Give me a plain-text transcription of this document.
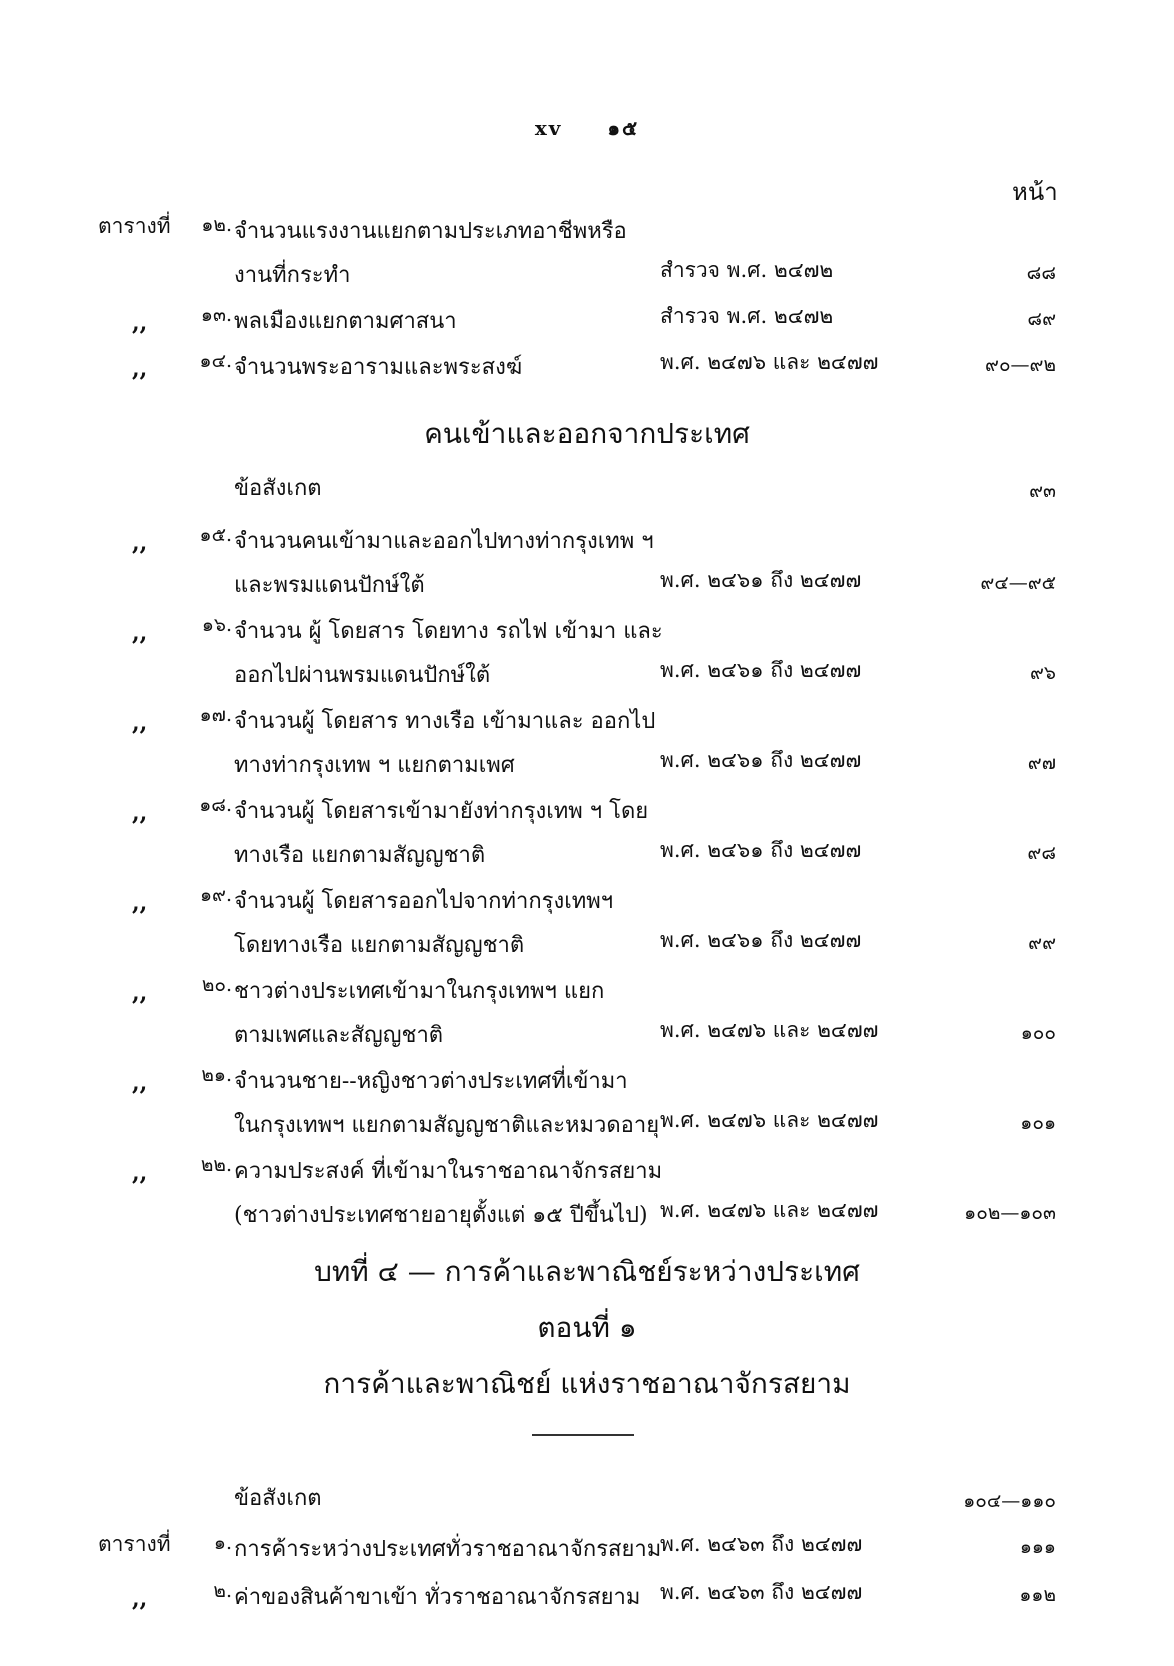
xv ๑๕
หน้า
ตารางที่	๑๒. จำนวนแรงงานแยกตามประเภทอาชีพหรือ
งานที่กระทำ	สำรวจ พ.ศ. ๒๔๗๒	๘๘
,,	๑๓. พลเมืองแยกตามศาสนา	สำรวจ พ.ศ. ๒๔๗๒	๘๙
,,	๑๔. จำนวนพระอารามและพระสงฆ์	พ.ศ. ๒๔๗๖ และ ๒๔๗๗	๙๐—๙๒
คนเข้าและออกจากประเทศ
ข้อสังเกต	๙๓
,,	๑๕. จำนวนคนเข้ามาและออกไปทางท่ากรุงเทพ ฯ
และพรมแดนปักษ์ใต้	พ.ศ. ๒๔๖๑ ถึง ๒๔๗๗	๙๔—๙๕
,,	๑๖. จำนวน ผู้ โดยสาร โดยทาง รถไฟ เข้ามา และ
ออกไปผ่านพรมแดนปักษ์ใต้	พ.ศ. ๒๔๖๑ ถึง ๒๔๗๗	๙๖
,,	๑๗. จำนวนผู้ โดยสาร ทางเรือ เข้ามาและ ออกไป
ทางท่ากรุงเทพ ฯ แยกตามเพศ	พ.ศ. ๒๔๖๑ ถึง ๒๔๗๗	๙๗
,,	๑๘. จำนวนผู้ โดยสารเข้ามายังท่ากรุงเทพ ฯ โดย
ทางเรือ แยกตามสัญญชาติ	พ.ศ. ๒๔๖๑ ถึง ๒๔๗๗	๙๘
,,	๑๙. จำนวนผู้ โดยสารออกไปจากท่ากรุงเทพฯ
โดยทางเรือ แยกตามสัญญชาติ	พ.ศ. ๒๔๖๑ ถึง ๒๔๗๗	๙๙
,,	๒๐. ชาวต่างประเทศเข้ามาในกรุงเทพฯ แยก
ตามเพศและสัญญชาติ	พ.ศ. ๒๔๗๖ และ ๒๔๗๗	๑๐๐
,,	๒๑. จำนวนชาย--หญิงชาวต่างประเทศที่เข้ามา
ในกรุงเทพฯ แยกตามสัญญชาติและหมวดอายุ พ.ศ. ๒๔๗๖ และ ๒๔๗๗	๑๐๑
,,	๒๒. ความประสงค์ ที่เข้ามาในราชอาณาจักรสยาม
(ชาวต่างประเทศชายอายุตั้งแต่ ๑๕ ปีขึ้นไป) พ.ศ. ๒๔๗๖ และ ๒๔๗๗	๑๐๒—๑๐๓
บทที่ ๔ — การค้าและพาณิชย์ระหว่างประเทศ
ตอนที่ ๑
การค้าและพาณิชย์ แห่งราชอาณาจักรสยาม
ข้อสังเกต	๑๐๔—๑๑๐
ตารางที่	๑. การค้าระหว่างประเทศทั่วราชอาณาจักรสยาม
พ.ศ. ๒๔๖๓ ถึง ๒๔๗๗	๑๑๑
,,	๒. ค่าของสินค้าขาเข้า ทั่วราชอาณาจักรสยาม พ.ศ. ๒๔๖๓ ถึง ๒๔๗๗	๑๑๒
